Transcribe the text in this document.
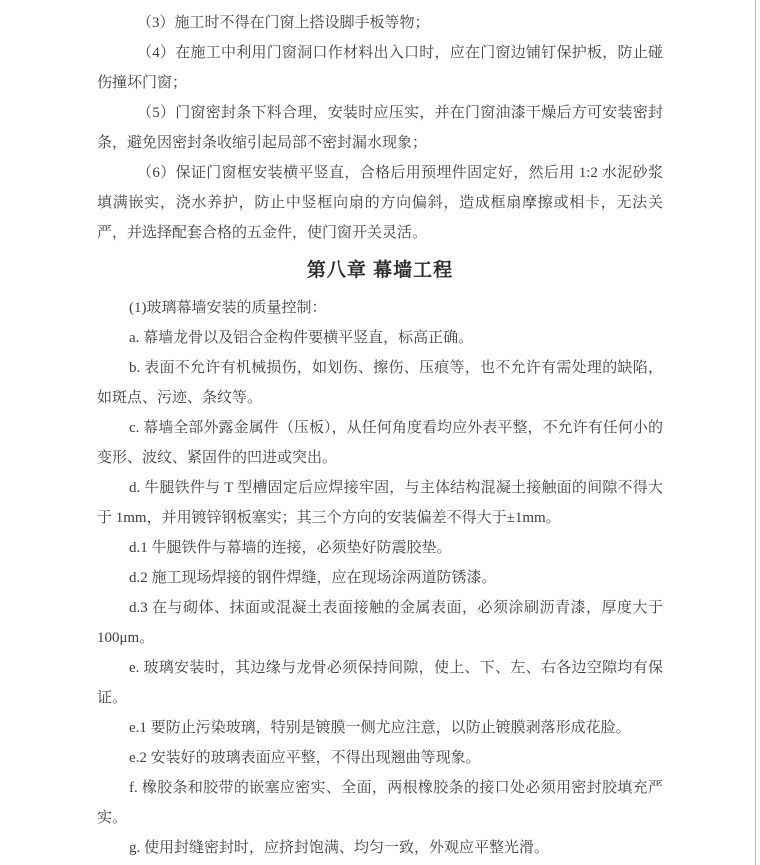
（3）施工时不得在门窗上搭设脚手板等物；

（4）在施工中利用门窗洞口作材料出入口时，应在门窗边铺钉保护板，防止碰伤撞坏门窗；

（5）门窗密封条下料合理，安装时应压实，并在门窗油漆干燥后方可安装密封条，避免因密封条收缩引起局部不密封漏水现象；

（6）保证门窗框安装横平竖直，合格后用预埋件固定好，然后用 1:2 水泥砂浆填满嵌实，浇水养护，防止中竖框向扇的方向偏斜，造成框扇摩擦或相卡，无法关严，并选择配套合格的五金件，使门窗开关灵活。

第八章 幕墙工程

(1)玻璃幕墙安装的质量控制：

a. 幕墙龙骨以及铝合金构件要横平竖直，标高正确。

b. 表面不允许有机械损伤，如划伤、擦伤、压痕等，也不允许有需处理的缺陷，如斑点、污迹、条纹等。

c. 幕墙全部外露金属件（压板），从任何角度看均应外表平整，不允许有任何小的变形、波纹、紧固件的凹进或突出。

d. 牛腿铁件与 T 型槽固定后应焊接牢固，与主体结构混凝土接触面的间隙不得大于 1mm，并用镀锌钢板塞实；其三个方向的安装偏差不得大于±1mm。

d.1 牛腿铁件与幕墙的连接，必须垫好防震胶垫。

d.2 施工现场焊接的钢件焊缝，应在现场涂两道防锈漆。

d.3 在与砌体、抹面或混凝土表面接触的金属表面，必须涂刷沥青漆，厚度大于 100μm。

e. 玻璃安装时，其边缘与龙骨必须保持间隙，使上、下、左、右各边空隙均有保证。

e.1 要防止污染玻璃，特别是镀膜一侧尤应注意，以防止镀膜剥落形成花脸。

e.2 安装好的玻璃表面应平整，不得出现翘曲等现象。

f. 橡胶条和胶带的嵌塞应密实、全面，两根橡胶条的接口处必须用密封胶填充严实。

g. 使用封缝密封时，应挤封饱满、均匀一致，外观应平整光滑。
